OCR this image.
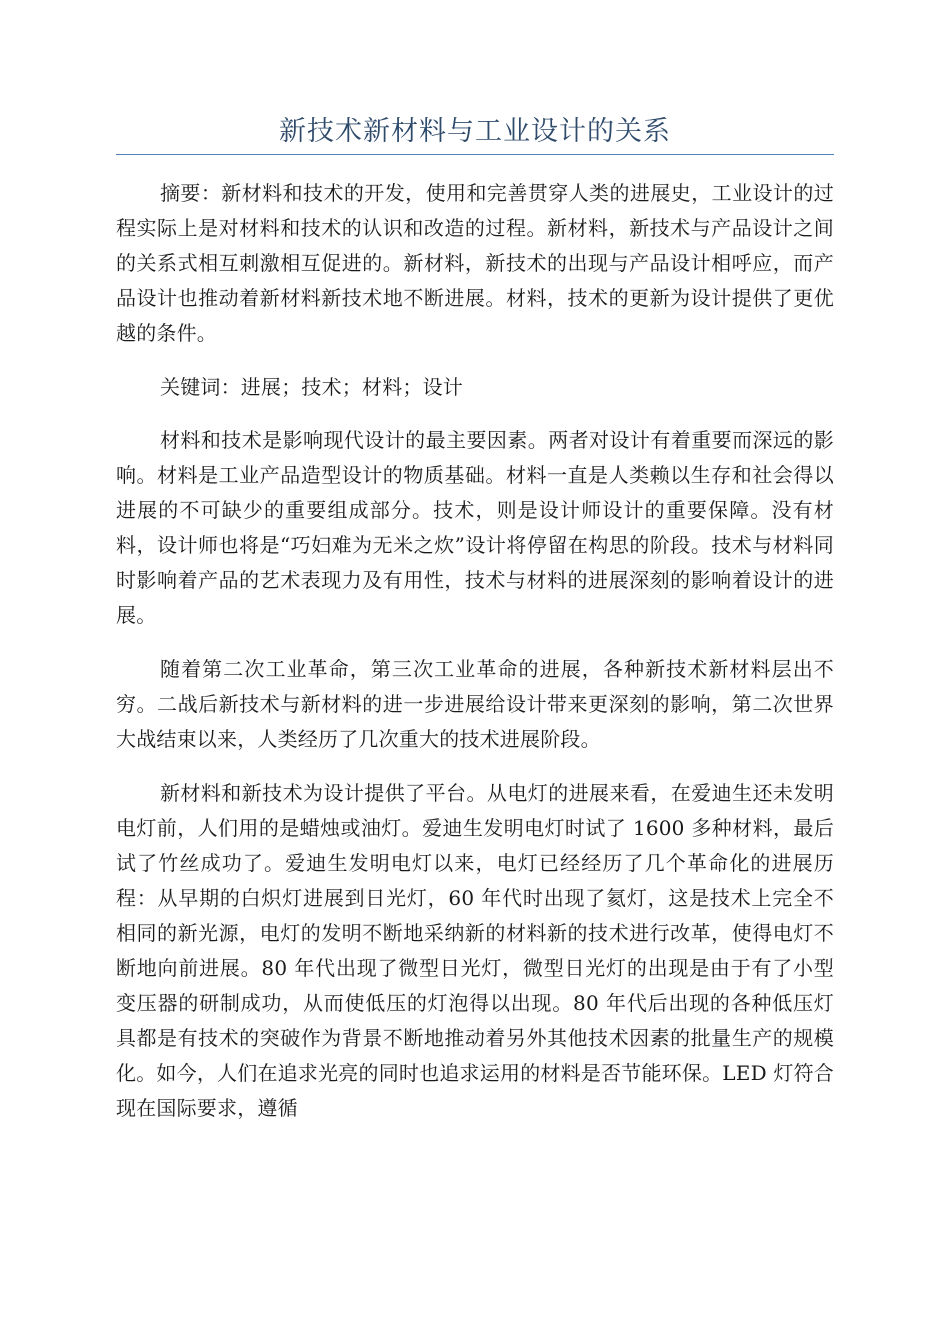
新技术新材料与工业设计的关系

摘要：新材料和技术的开发，使用和完善贯穿人类的进展史，工业设计的过程实际上是对材料和技术的认识和改造的过程。新材料，新技术与产品设计之间的关系式相互刺激相互促进的。新材料，新技术的出现与产品设计相呼应，而产品设计也推动着新材料新技术地不断进展。材料，技术的更新为设计提供了更优越的条件。

关键词：进展；技术；材料；设计

材料和技术是影响现代设计的最主要因素。两者对设计有着重要而深远的影响。材料是工业产品造型设计的物质基础。材料一直是人类赖以生存和社会得以进展的不可缺少的重要组成部分。技术，则是设计师设计的重要保障。没有材料，设计师也将是“巧妇难为无米之炊”设计将停留在构思的阶段。技术与材料同时影响着产品的艺术表现力及有用性，技术与材料的进展深刻的影响着设计的进展。

随着第二次工业革命，第三次工业革命的进展，各种新技术新材料层出不穷。二战后新技术与新材料的进一步进展给设计带来更深刻的影响，第二次世界大战结束以来，人类经历了几次重大的技术进展阶段。

新材料和新技术为设计提供了平台。从电灯的进展来看，在爱迪生还未发明电灯前，人们用的是蜡烛或油灯。爱迪生发明电灯时试了 1600 多种材料，最后试了竹丝成功了。爱迪生发明电灯以来，电灯已经经历了几个革命化的进展历程：从早期的白炽灯进展到日光灯，60 年代时出现了氦灯，这是技术上完全不相同的新光源，电灯的发明不断地采纳新的材料新的技术进行改革，使得电灯不断地向前进展。80 年代出现了微型日光灯，微型日光灯的出现是由于有了小型变压器的研制成功，从而使低压的灯泡得以出现。80 年代后出现的各种低压灯具都是有技术的突破作为背景不断地推动着另外其他技术因素的批量生产的规模化。如今，人们在追求光亮的同时也追求运用的材料是否节能环保。LED 灯符合现在国际要求，遵循
